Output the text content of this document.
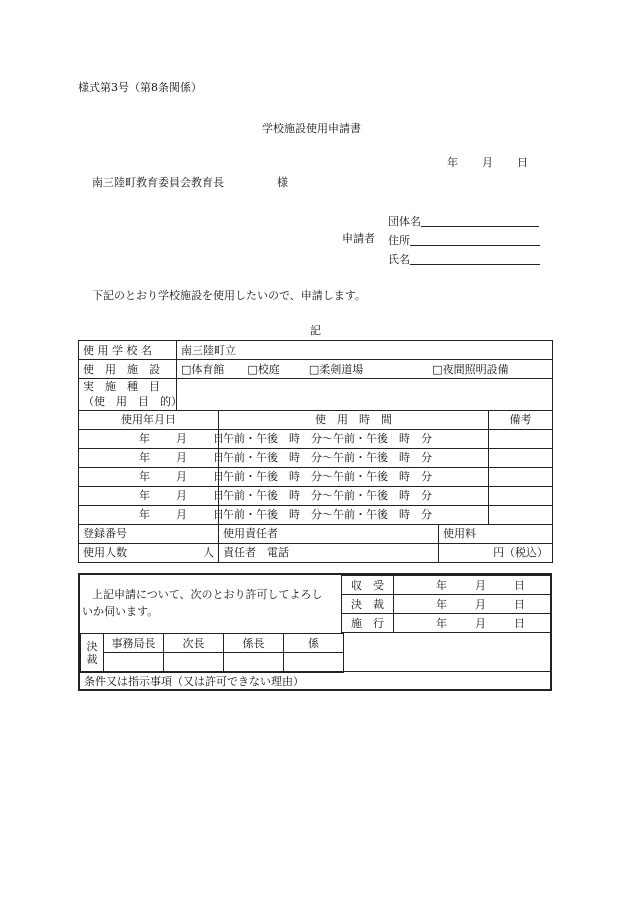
様式第3号（第8条関係）
学校施設使用申請書
年 月 日
南三陸町教育委員会教育長	様
団体名
申請者 住所
氏名
下記のとおり学校施設を使用したいので、申請します。
記
使 用 学 校 名	南三陸町立			
使　用　施　設	□体育館 □校庭 □柔剣道場 □夜間照明設備			

実　施　種　目
（使　用　目　的）				

使用年月日		使　用　時　間		備考
年 月 日		午前・午後　時　分～午前・午後　時　分		
年 月 日		午前・午後　時　分～午前・午後　時　分		
年 月 日		午前・午後　時　分～午前・午後　時　分		
年 月 日		午前・午後　時　分～午前・午後　時　分		
年 月 日		午前・午後　時　分～午前・午後　時　分		
登録番号		使用責任者	使用料	
使用人数 人		責任者　電話	円（税込）	
上記申請について、次のとおり許可してよろし
いか伺います。
収　受	年 月 日
決　裁	年 月 日
施　行	年 月 日
決裁	事務局長	次長	係長	係

条件又は指示事項（又は許可できない理由）
